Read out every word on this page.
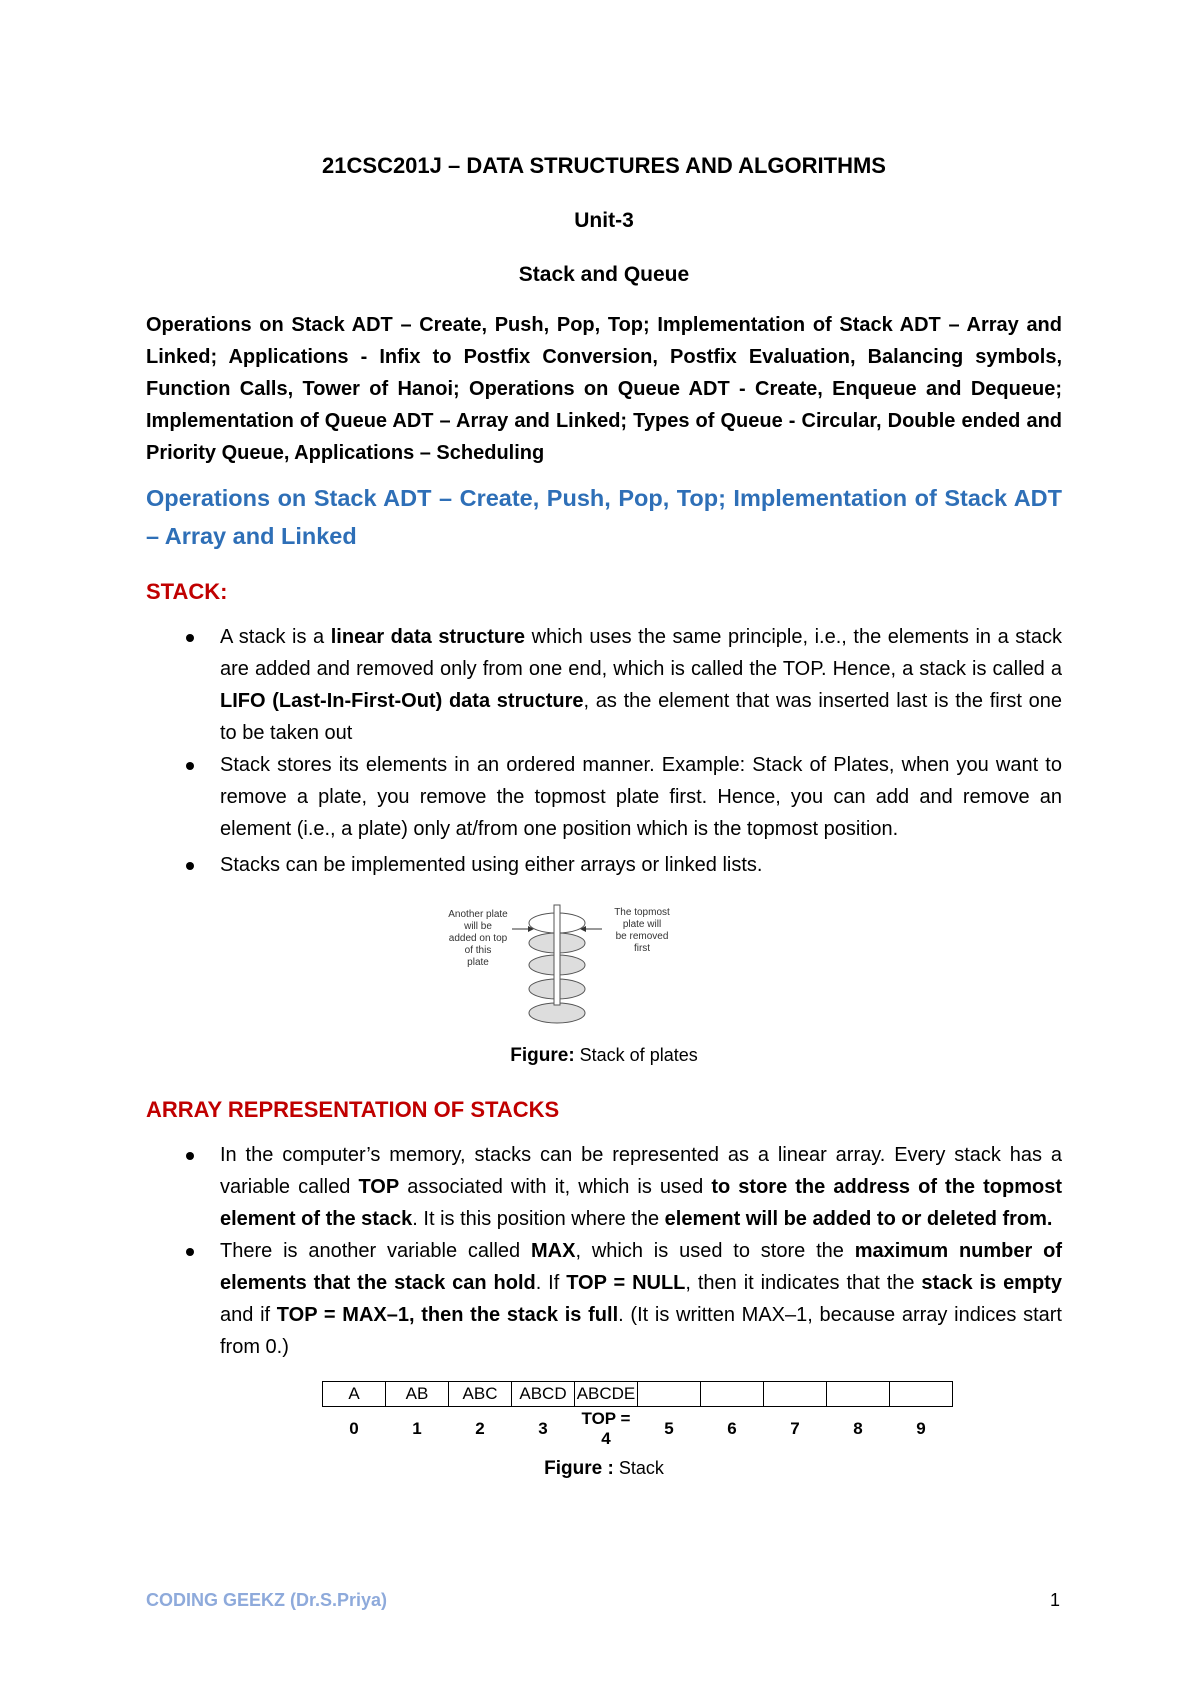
21CSC201J – DATA STRUCTURES AND ALGORITHMS
Unit-3
Stack and Queue
Operations on Stack ADT – Create, Push, Pop, Top; Implementation of Stack ADT – Array and Linked; Applications - Infix to Postfix Conversion, Postfix Evaluation, Balancing symbols, Function Calls, Tower of Hanoi; Operations on Queue ADT - Create, Enqueue and Dequeue; Implementation of Queue ADT – Array and Linked; Types of Queue - Circular, Double ended and Priority Queue, Applications – Scheduling
Operations on Stack ADT – Create, Push, Pop, Top; Implementation of Stack ADT – Array and Linked
STACK:
A stack is a linear data structure which uses the same principle, i.e., the elements in a stack are added and removed only from one end, which is called the TOP. Hence, a stack is called a LIFO (Last-In-First-Out) data structure, as the element that was inserted last is the first one to be taken out
Stack stores its elements in an ordered manner. Example: Stack of Plates, when you want to remove a plate, you remove the topmost plate first. Hence, you can add and remove an element (i.e., a plate) only at/from one position which is the topmost position.
Stacks can be implemented using either arrays or linked lists.
Another plate
will be
added on top
of this
plate
The topmost
plate will
be removed
first
Figure: Stack of plates
ARRAY REPRESENTATION OF STACKS
In the computer’s memory, stacks can be represented as a linear array. Every stack has a variable called TOP associated with it, which is used to store the address of the topmost element of the stack. It is this position where the element will be added to or deleted from.
There is another variable called MAX, which is used to store the maximum number of elements that the stack can hold. If TOP = NULL, then it indicates that the stack is empty and if TOP = MAX–1, then the stack is full. (It is written MAX–1, because array indices start from 0.)
A	AB	ABC	ABCD	ABCDE					
0	1	2	3	TOP = 4	5	6	7	8	9
Figure : Stack
CODING GEEKZ (Dr.S.Priya)	1
